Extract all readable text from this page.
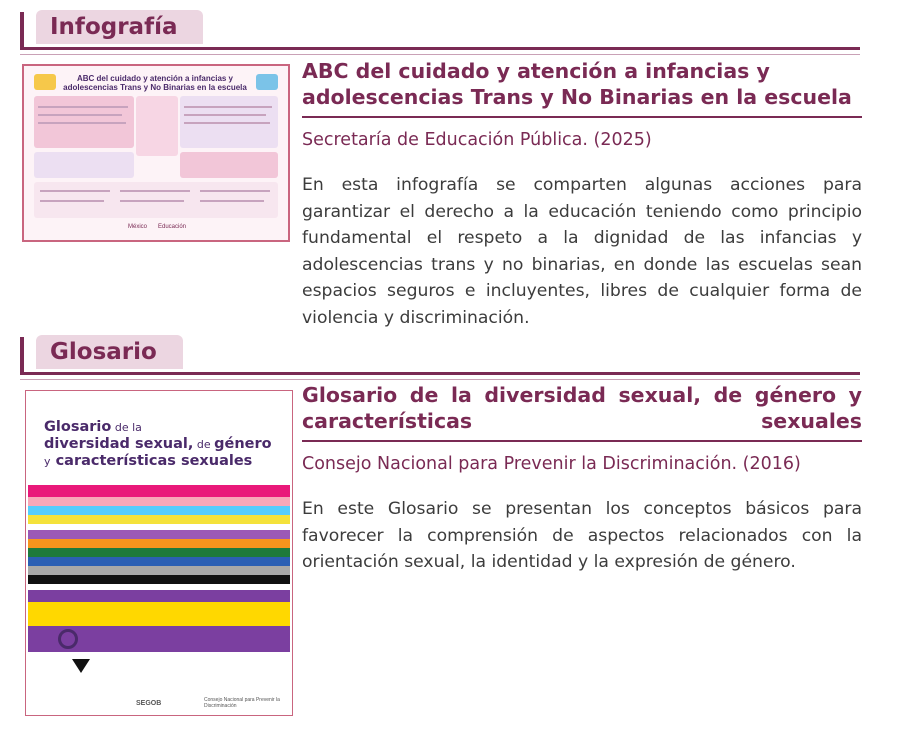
Infografía
ABC del cuidado y atención a infancias y adolescencias Trans y No Binarias en la escuela
México Educación
ABC del cuidado y atención a infancias y adolescencias Trans y No Binarias en la escuela
Secretaría de Educación Pública. (2025)
En esta infografía se comparten algunas acciones para garantizar el derecho a la educación teniendo como principio fundamental el respeto a la dignidad de las infancias y adolescencias trans y no binarias, en donde las escuelas sean espacios seguros e incluyentes, libres de cualquier forma de violencia y discriminación.
Glosario
Glosario de la
diversidad sexual, de género
y características sexuales
♀
SEGOB	Consejo Nacional para Prevenir la Discriminación
Glosario de la diversidad sexual, de género y características sexuales
Consejo Nacional para Prevenir la Discriminación. (2016)
En este Glosario se presentan los conceptos básicos para favorecer la comprensión de aspectos relacionados con la orientación sexual, la identidad y la expresión de género.
